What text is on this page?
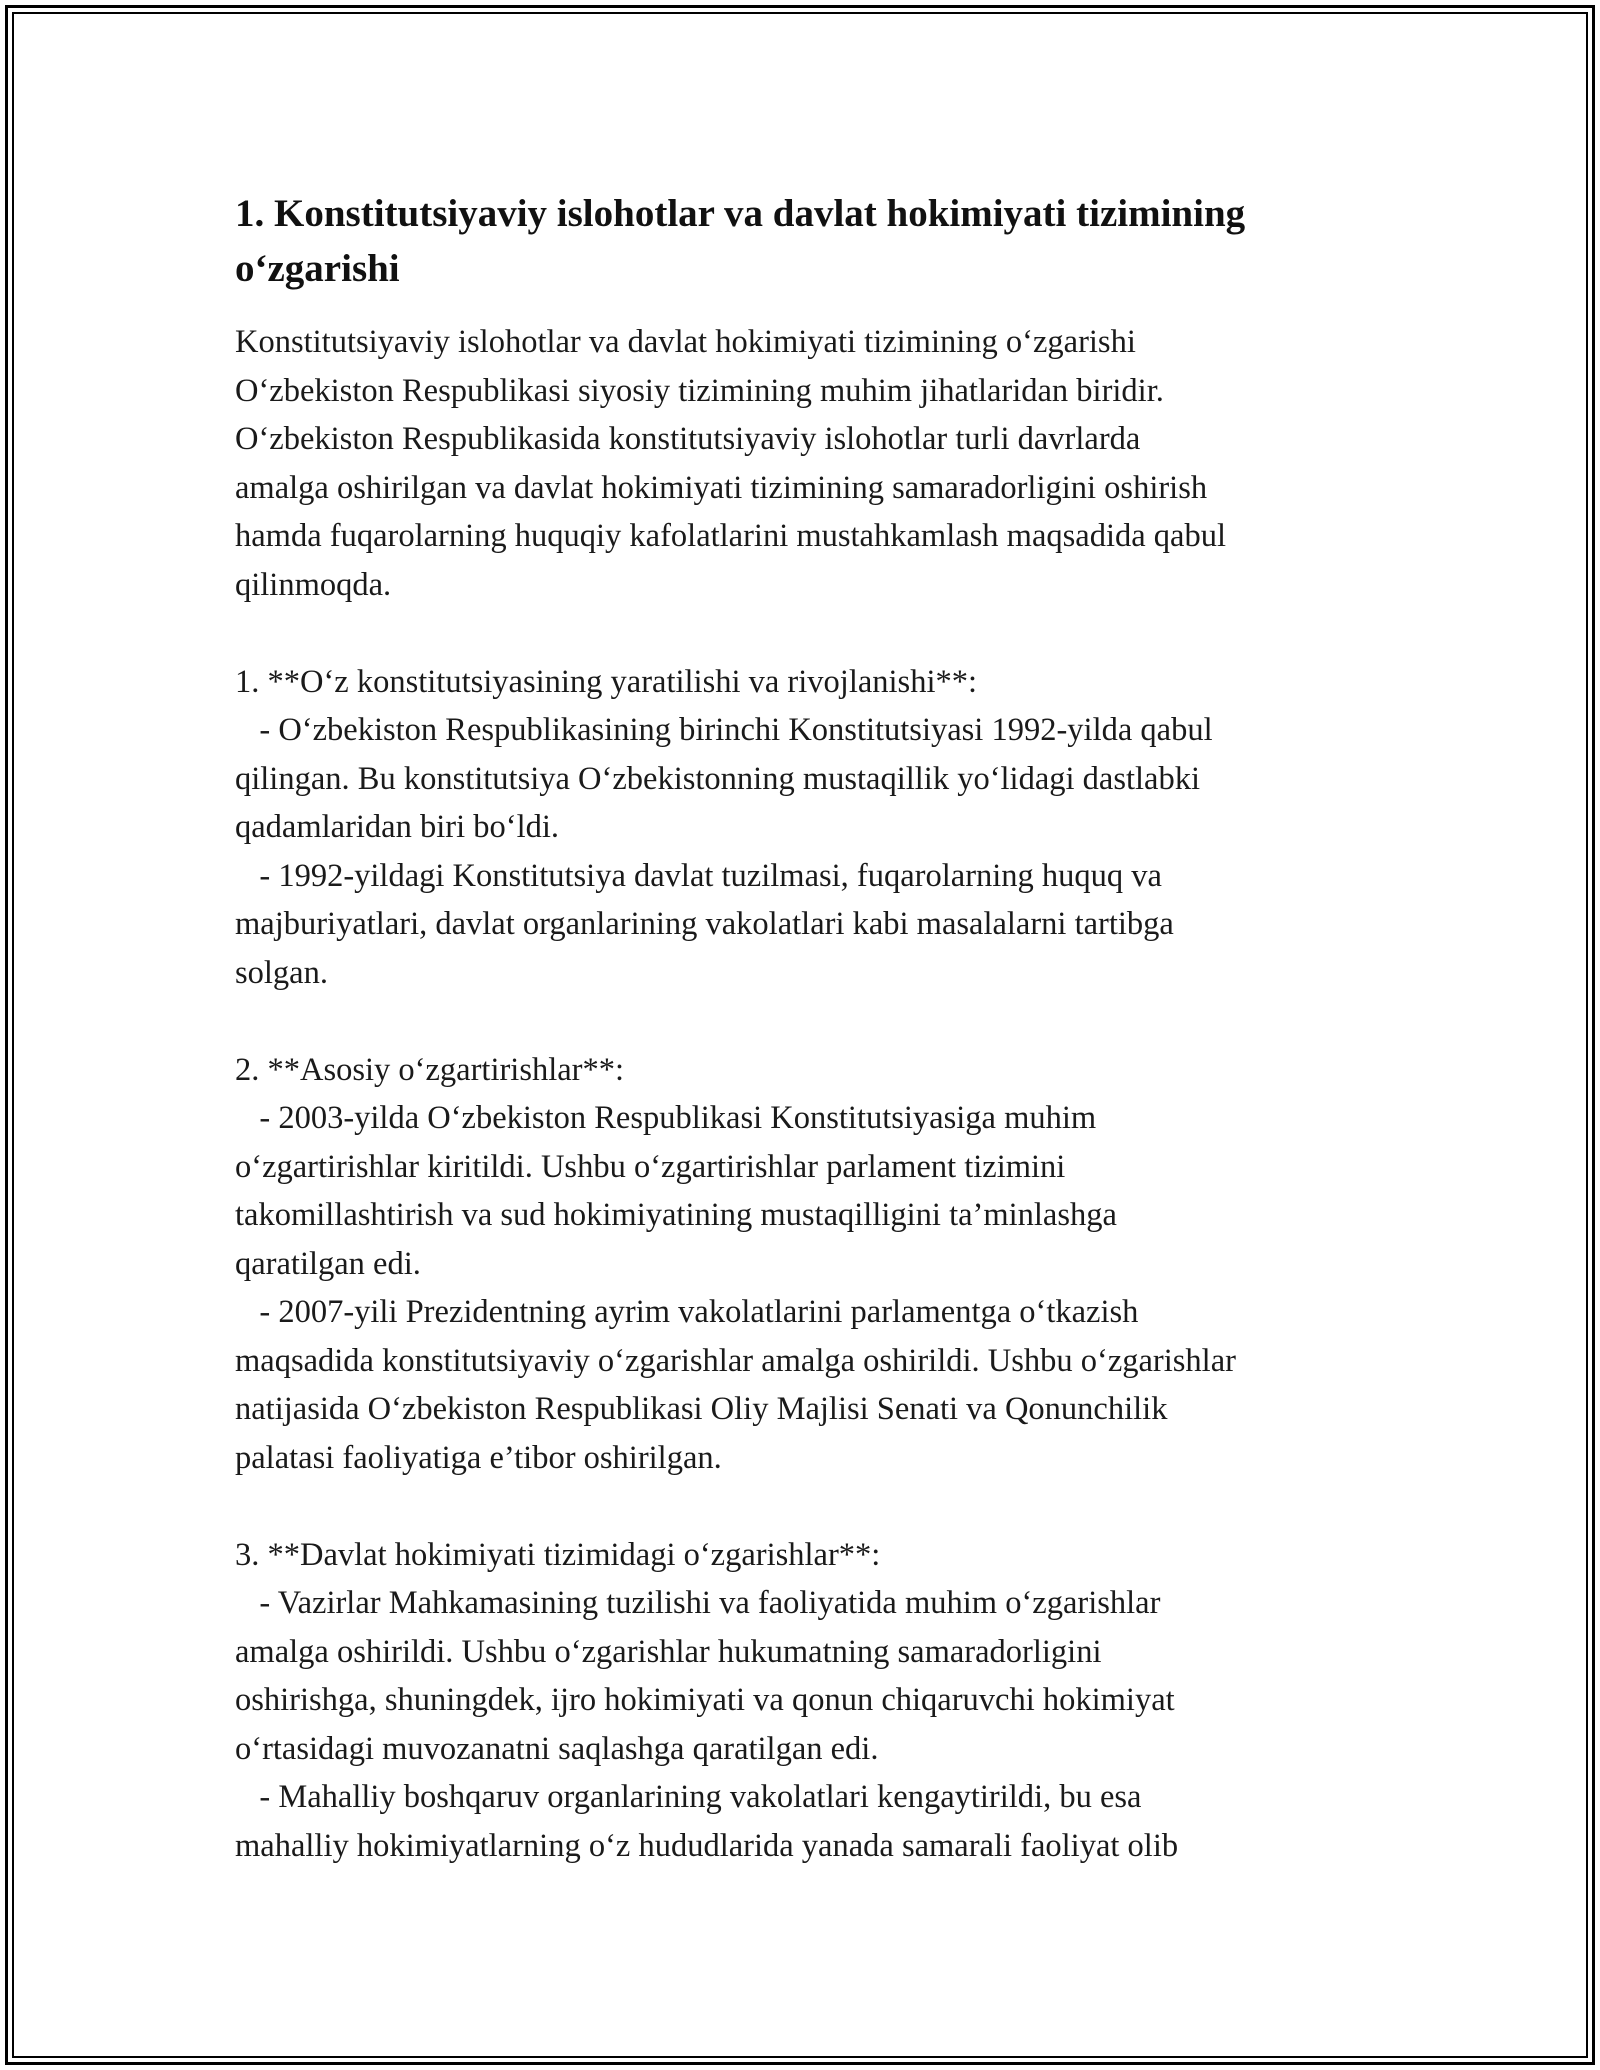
1. Konstitutsiyaviy islohotlar va davlat hokimiyati tizimining
oʻzgarishi
Konstitutsiyaviy islohotlar va davlat hokimiyati tizimining oʻzgarishi
Oʻzbekiston Respublikasi siyosiy tizimining muhim jihatlaridan biridir.
Oʻzbekiston Respublikasida konstitutsiyaviy islohotlar turli davrlarda
amalga oshirilgan va davlat hokimiyati tizimining samaradorligini oshirish
hamda fuqarolarning huquqiy kafolatlarini mustahkamlash maqsadida qabul
qilinmoqda.
1. **Oʻz konstitutsiyasining yaratilishi va rivojlanishi**:
- Oʻzbekiston Respublikasining birinchi Konstitutsiyasi 1992-yilda qabul
qilingan. Bu konstitutsiya Oʻzbekistonning mustaqillik yoʻlidagi dastlabki
qadamlaridan biri boʻldi.
- 1992-yildagi Konstitutsiya davlat tuzilmasi, fuqarolarning huquq va
majburiyatlari, davlat organlarining vakolatlari kabi masalalarni tartibga
solgan.
2. **Asosiy oʻzgartirishlar**:
- 2003-yilda Oʻzbekiston Respublikasi Konstitutsiyasiga muhim
oʻzgartirishlar kiritildi. Ushbu oʻzgartirishlar parlament tizimini
takomillashtirish va sud hokimiyatining mustaqilligini ta’minlashga
qaratilgan edi.
- 2007-yili Prezidentning ayrim vakolatlarini parlamentga oʻtkazish
maqsadida konstitutsiyaviy oʻzgarishlar amalga oshirildi. Ushbu oʻzgarishlar
natijasida Oʻzbekiston Respublikasi Oliy Majlisi Senati va Qonunchilik
palatasi faoliyatiga e’tibor oshirilgan.
3. **Davlat hokimiyati tizimidagi oʻzgarishlar**:
- Vazirlar Mahkamasining tuzilishi va faoliyatida muhim oʻzgarishlar
amalga oshirildi. Ushbu oʻzgarishlar hukumatning samaradorligini
oshirishga, shuningdek, ijro hokimiyati va qonun chiqaruvchi hokimiyat
oʻrtasidagi muvozanatni saqlashga qaratilgan edi.
- Mahalliy boshqaruv organlarining vakolatlari kengaytirildi, bu esa
mahalliy hokimiyatlarning oʻz hududlarida yanada samarali faoliyat olib
